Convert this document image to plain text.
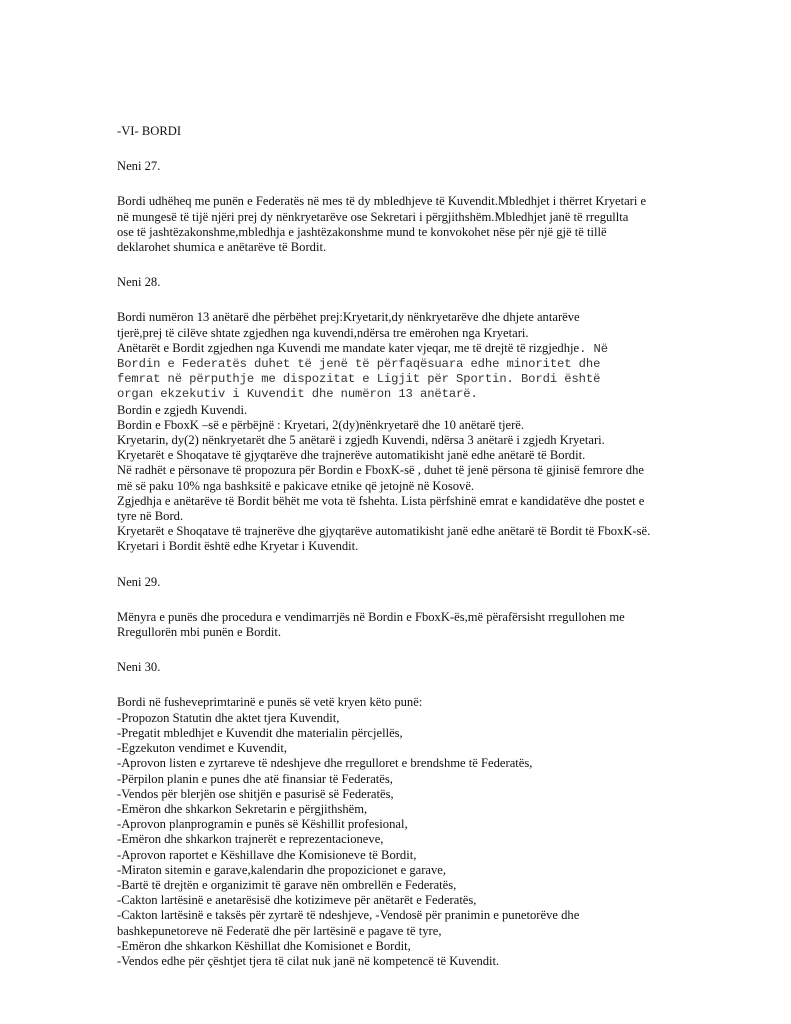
-VI- BORDI
Neni 27.
Bordi udhëheq me punën e Federatës në mes të dy mbledhjeve të Kuvendit.Mbledhjet i thërret Kryetari e
në mungesë të tijë njëri prej dy nënkryetarëve ose Sekretari i përgjithshëm.Mbledhjet janë të rregullta
ose të jashtëzakonshme,mbledhja e jashtëzakonshme mund te konvokohet nëse për një gjë të tillë
deklarohet shumica e anëtarëve të Bordit.
Neni 28.
Bordi numëron 13 anëtarë dhe përbëhet prej:Kryetarit,dy nënkryetarëve dhe dhjete antarëve
tjerë,prej të cilëve shtate zgjedhen nga kuvendi,ndërsa tre emërohen nga Kryetari.
Anëtarët e Bordit zgjedhen nga Kuvendi me mandate kater vjeqar, me të drejtë të rizgjedhje. Në
Bordin e Federatës duhet të jenë të përfaqësuara edhe minoritet dhe
femrat në përputhje me dispozitat e Ligjit për Sportin. Bordi është
organ ekzekutiv i Kuvendit dhe numëron 13 anëtarë.
Bordin e zgjedh Kuvendi.
Bordin e FboxK –së e përbëjnë : Kryetari, 2(dy)nënkryetarë dhe 10 anëtarë tjerë.
Kryetarin, dy(2) nënkryetarët dhe 5 anëtarë i zgjedh Kuvendi, ndërsa 3 anëtarë i zgjedh Kryetari.
Kryetarët e Shoqatave të gjyqtarëve dhe trajnerëve automatikisht janë edhe anëtarë të Bordit.
Në radhët e përsonave të propozura për Bordin e FboxK-së , duhet të jenë përsona të gjinisë femrore dhe
më së paku 10% nga bashksitë e pakicave etnike që jetojnë në Kosovë.
Zgjedhja e anëtarëve të Bordit bëhët me vota të fshehta. Lista përfshinë emrat e kandidatëve dhe postet e
tyre në Bord.
Kryetarët e Shoqatave të trajnerëve dhe gjyqtarëve automatikisht janë edhe anëtarë të Bordit të FboxK-së.
Kryetari i Bordit është edhe Kryetar i Kuvendit.
Neni 29.
Mënyra e punës dhe procedura e vendimarrjës në Bordin e FboxK-ës,më përafërsisht rregullohen me
Rregullorën mbi punën e Bordit.
Neni 30.
Bordi në fusheveprimtarinë e punës së vetë kryen këto punë:
-Propozon Statutin dhe aktet tjera Kuvendit,
-Pregatit mbledhjet e Kuvendit dhe materialin përcjellës,
-Egzekuton vendimet e Kuvendit,
-Aprovon listen e zyrtareve të ndeshjeve dhe rregulloret e brendshme të Federatës,
-Përpilon planin e punes dhe atë finansiar të Federatës,
-Vendos për blerjën ose shitjën e pasurisë së Federatës,
-Emëron dhe shkarkon Sekretarin e përgjithshëm,
-Aprovon planprogramin e punës së Këshillit profesional,
-Emëron dhe shkarkon trajnerët e reprezentacioneve,
-Aprovon raportet e Këshillave dhe Komisioneve të Bordit,
-Miraton sitemin e garave,kalendarin dhe propozicionet e garave,
-Bartë të drejtën e organizimit të garave nën ombrellën e Federatës,
-Cakton lartësinë e anetarësisë dhe kotizimeve për anëtarët e Federatës,
-Cakton lartësinë e taksës për zyrtarë të ndeshjeve, -Vendosë për pranimin e punetorëve dhe
bashkepunetoreve në Federatë dhe për lartësinë e pagave të tyre,
-Emëron dhe shkarkon Këshillat dhe Komisionet e Bordit,
-Vendos edhe për çështjet tjera të cilat nuk janë në kompetencë të Kuvendit.
